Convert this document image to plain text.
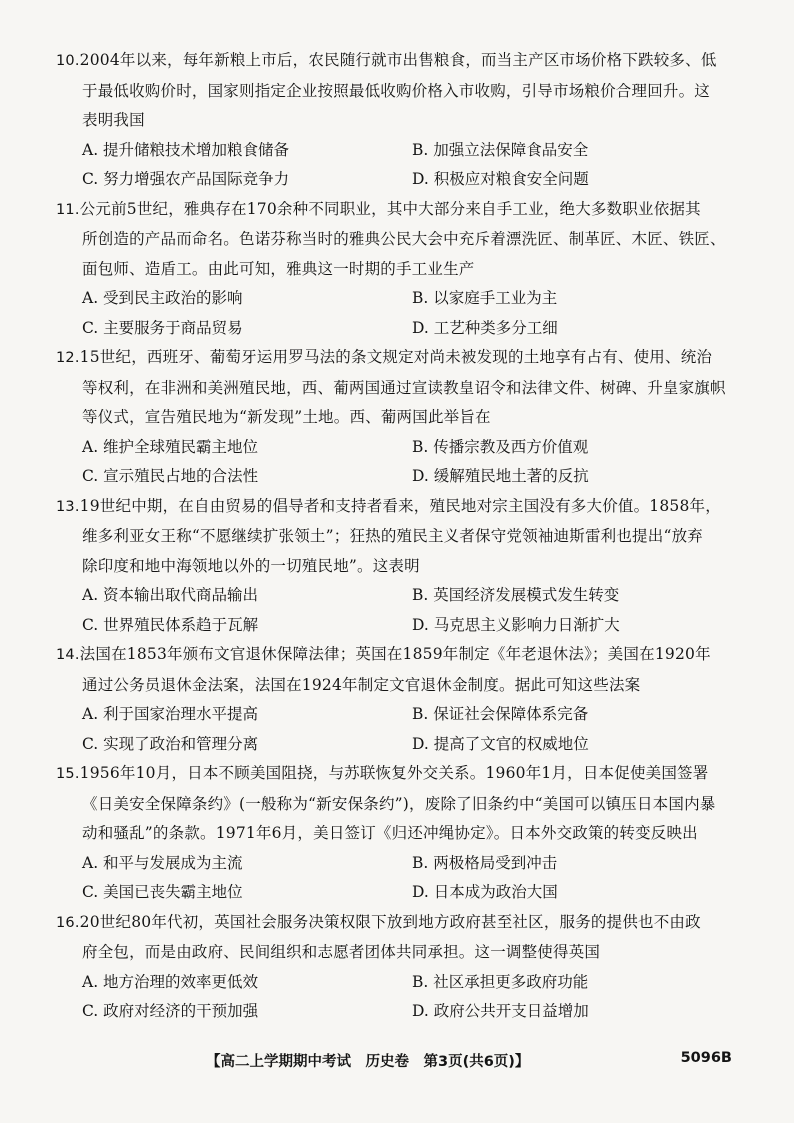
10.2004年以来，每年新粮上市后，农民随行就市出售粮食，而当主产区市场价格下跌较多、低
于最低收购价时，国家则指定企业按照最低收购价格入市收购，引导市场粮价合理回升。这
表明我国

A. 提升储粮技术增加粮食储备	B. 加强立法保障食品安全
C. 努力增强农产品国际竞争力	D. 积极应对粮食安全问题

11.公元前5世纪，雅典存在170余种不同职业，其中大部分来自手工业，绝大多数职业依据其
所创造的产品而命名。色诺芬称当时的雅典公民大会中充斥着漂洗匠、制革匠、木匠、铁匠、
面包师、造盾工。由此可知，雅典这一时期的手工业生产

A. 受到民主政治的影响	B. 以家庭手工业为主
C. 主要服务于商品贸易	D. 工艺种类多分工细

12.15世纪，西班牙、葡萄牙运用罗马法的条文规定对尚未被发现的土地享有占有、使用、统治
等权利，在非洲和美洲殖民地，西、葡两国通过宣读教皇诏令和法律文件、树碑、升皇家旗帜
等仪式，宣告殖民地为“新发现”土地。西、葡两国此举旨在

A. 维护全球殖民霸主地位	B. 传播宗教及西方价值观
C. 宣示殖民占地的合法性	D. 缓解殖民地土著的反抗

13.19世纪中期，在自由贸易的倡导者和支持者看来，殖民地对宗主国没有多大价值。1858年，
维多利亚女王称“不愿继续扩张领土”；狂热的殖民主义者保守党领袖迪斯雷利也提出“放弃
除印度和地中海领地以外的一切殖民地”。这表明

A. 资本输出取代商品输出	B. 英国经济发展模式发生转变
C. 世界殖民体系趋于瓦解	D. 马克思主义影响力日渐扩大

14.法国在1853年颁布文官退休保障法律；英国在1859年制定《年老退休法》；美国在1920年
通过公务员退休金法案，法国在1924年制定文官退休金制度。据此可知这些法案

A. 利于国家治理水平提高	B. 保证社会保障体系完备
C. 实现了政治和管理分离	D. 提高了文官的权威地位

15.1956年10月，日本不顾美国阻挠，与苏联恢复外交关系。1960年1月，日本促使美国签署
《日美安全保障条约》(一般称为“新安保条约”)，废除了旧条约中“美国可以镇压日本国内暴
动和骚乱”的条款。1971年6月，美日签订《归还冲绳协定》。日本外交政策的转变反映出

A. 和平与发展成为主流	B. 两极格局受到冲击
C. 美国已丧失霸主地位	D. 日本成为政治大国

16.20世纪80年代初，英国社会服务决策权限下放到地方政府甚至社区，服务的提供也不由政
府全包，而是由政府、民间组织和志愿者团体共同承担。这一调整使得英国

A. 地方治理的效率更低效	B. 社区承担更多政府功能
C. 政府对经济的干预加强	D. 政府公共开支日益增加
【高二上学期期中考试　历史卷　第3页(共6页)】	5096B
